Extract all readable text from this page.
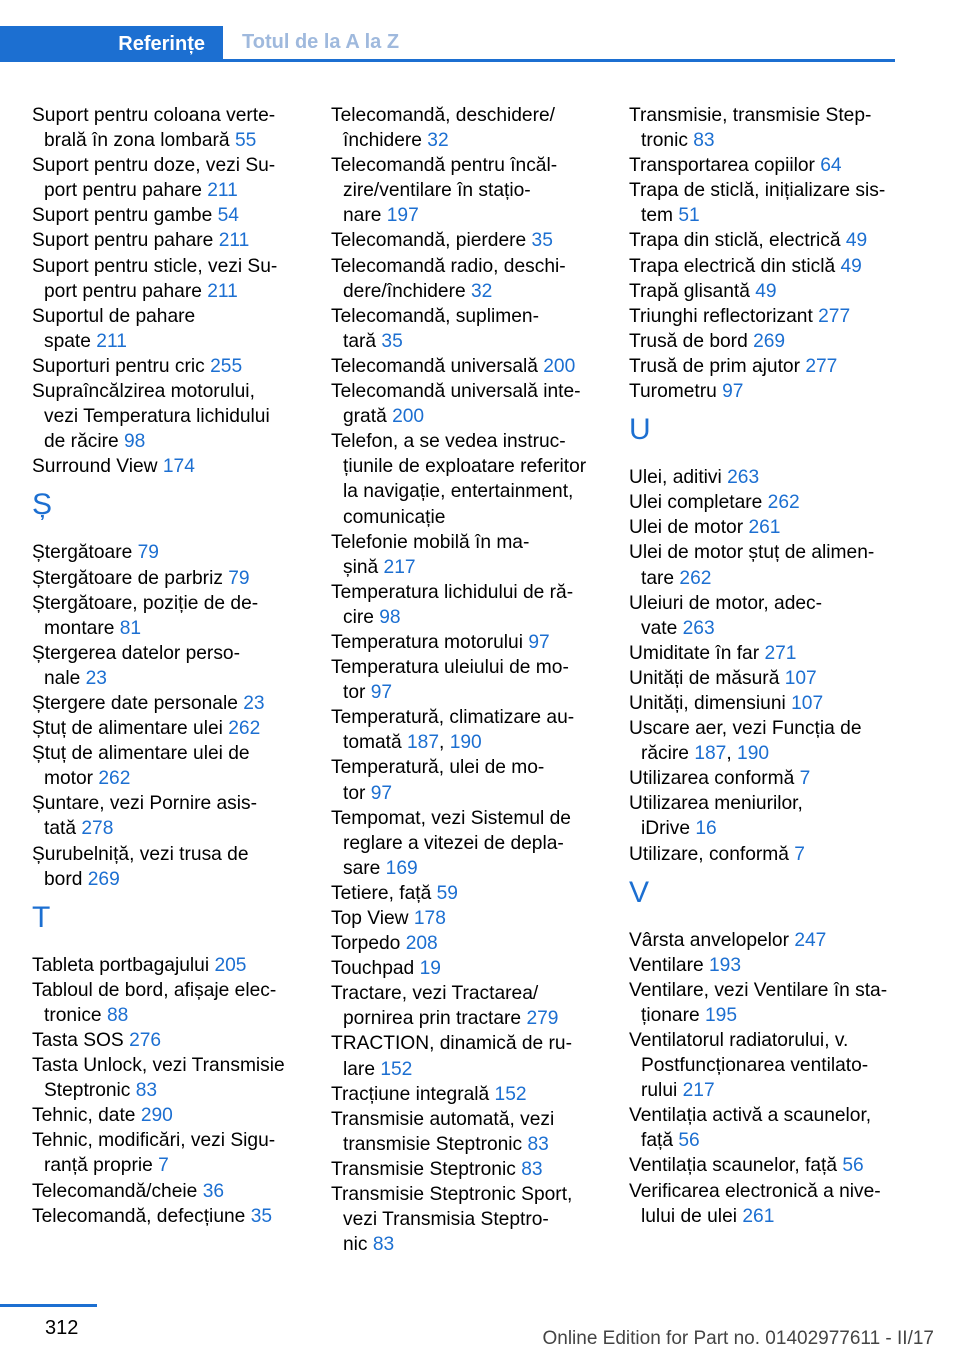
Referințe	Totul de la A la Z
Suport pentru coloana verte-
brală în zona lombară 55
Suport pentru doze, vezi Su-
port pentru pahare 211
Suport pentru gambe 54
Suport pentru pahare 211
Suport pentru sticle, vezi Su-
port pentru pahare 211
Suportul de pahare
spate 211
Suporturi pentru cric 255
Supraîncălzirea motorului,
vezi Temperatura lichidului
de răcire 98
Surround View 174
Ș
Ștergătoare 79
Ștergătoare de parbriz 79
Ștergătoare, poziție de de-
montare 81
Ștergerea datelor perso-
nale 23
Ștergere date personale 23
Ștuț de alimentare ulei 262
Ștuț de alimentare ulei de
motor 262
Șuntare, vezi Pornire asis-
tată 278
Șurubelniță, vezi trusa de
bord 269
T
Tableta portbagajului 205
Tabloul de bord, afișaje elec-
tronice 88
Tasta SOS 276
Tasta Unlock, vezi Transmisie
Steptronic 83
Tehnic, date 290
Tehnic, modificări, vezi Sigu-
ranță proprie 7
Telecomandă/cheie 36
Telecomandă, defecțiune 35
Telecomandă, deschidere/
închidere 32
Telecomandă pentru încăl-
zire/ventilare în stațio-
nare 197
Telecomandă, pierdere 35
Telecomandă radio, deschi-
dere/închidere 32
Telecomandă, suplimen-
tară 35
Telecomandă universală 200
Telecomandă universală inte-
grată 200
Telefon, a se vedea instruc-
țiunile de exploatare referitor
la navigație, entertainment,
comunicație
Telefonie mobilă în ma-
șină 217
Temperatura lichidului de ră-
cire 98
Temperatura motorului 97
Temperatura uleiului de mo-
tor 97
Temperatură, climatizare au-
tomată 187, 190
Temperatură, ulei de mo-
tor 97
Tempomat, vezi Sistemul de
reglare a vitezei de depla-
sare 169
Tetiere, față 59
Top View 178
Torpedo 208
Touchpad 19
Tractare, vezi Tractarea/
pornirea prin tractare 279
TRACTION, dinamică de ru-
lare 152
Tracțiune integrală 152
Transmisie automată, vezi
transmisie Steptronic 83
Transmisie Steptronic 83
Transmisie Steptronic Sport,
vezi Transmisia Steptro-
nic 83
Transmisie, transmisie Step-
tronic 83
Transportarea copiilor 64
Trapa de sticlă, inițializare sis-
tem 51
Trapa din sticlă, electrică 49
Trapa electrică din sticlă 49
Trapă glisantă 49
Triunghi reflectorizant 277
Trusă de bord 269
Trusă de prim ajutor 277
Turometru 97
U
Ulei, aditivi 263
Ulei completare 262
Ulei de motor 261
Ulei de motor ștuț de alimen-
tare 262
Uleiuri de motor, adec-
vate 263
Umiditate în far 271
Unități de măsură 107
Unități, dimensiuni 107
Uscare aer, vezi Funcția de
răcire 187, 190
Utilizarea conformă 7
Utilizarea meniurilor,
iDrive 16
Utilizare, conformă 7
V
Vârsta anvelopelor 247
Ventilare 193
Ventilare, vezi Ventilare în sta-
ționare 195
Ventilatorul radiatorului, v.
Postfuncționarea ventilato-
rului 217
Ventilația activă a scaunelor,
față 56
Ventilația scaunelor, față 56
Verificarea electronică a nive-
lului de ulei 261
312	Online Edition for Part no. 01402977611 - II/17
